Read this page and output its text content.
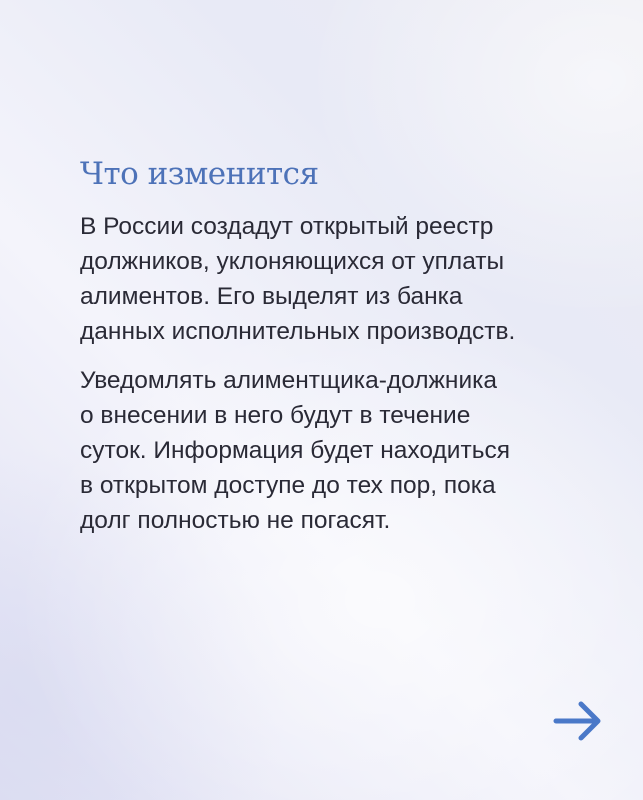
Что изменится

В России создадут открытый реестр
должников, уклоняющихся от уплаты
алиментов. Его выделят из банка
данных исполнительных производств.

Уведомлять алиментщика-должника
о внесении в него будут в течение
суток. Информация будет находиться
в открытом доступе до тех пор, пока
долг полностью не погасят.
